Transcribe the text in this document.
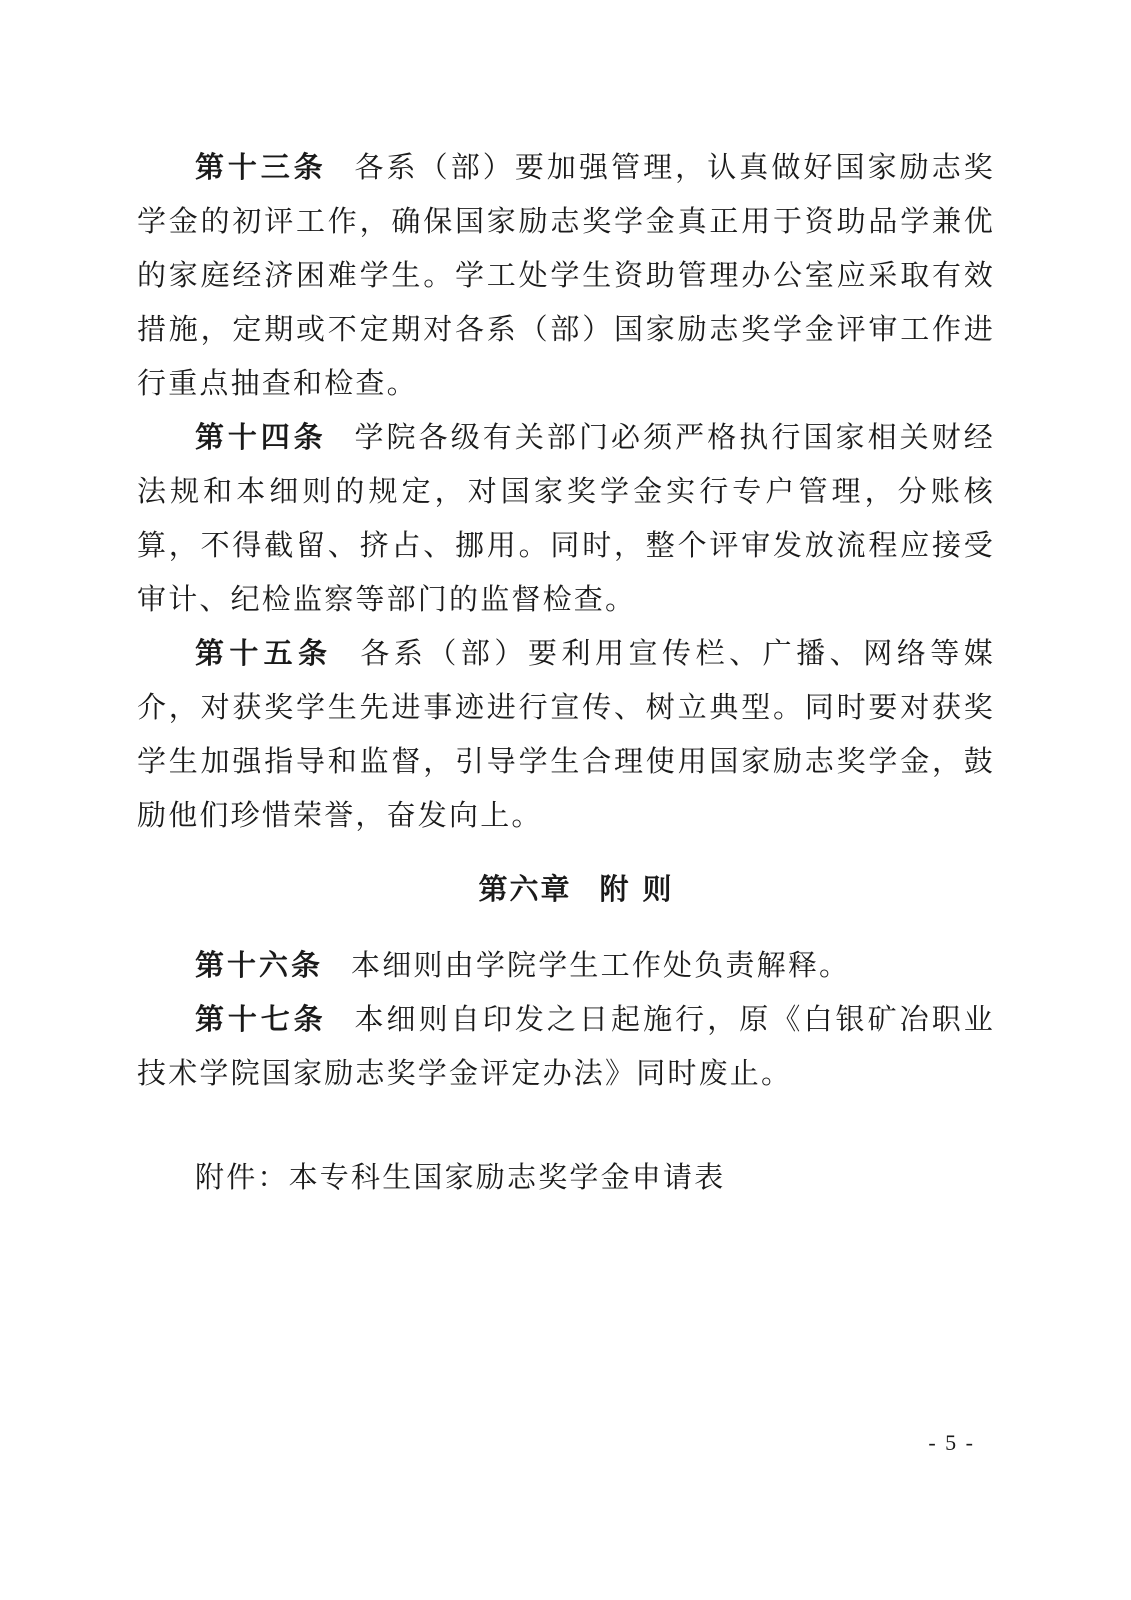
第十三条 各系（部）要加强管理，认真做好国家励志奖学金的初评工作，确保国家励志奖学金真正用于资助品学兼优的家庭经济困难学生。学工处学生资助管理办公室应采取有效措施，定期或不定期对各系（部）国家励志奖学金评审工作进行重点抽查和检查。

第十四条 学院各级有关部门必须严格执行国家相关财经法规和本细则的规定，对国家奖学金实行专户管理，分账核算，不得截留、挤占、挪用。同时，整个评审发放流程应接受审计、纪检监察等部门的监督检查。

第十五条 各系（部）要利用宣传栏、广播、网络等媒介，对获奖学生先进事迹进行宣传、树立典型。同时要对获奖学生加强指导和监督，引导学生合理使用国家励志奖学金，鼓励他们珍惜荣誉，奋发向上。

第六章 附 则

第十六条 本细则由学院学生工作处负责解释。

第十七条 本细则自印发之日起施行，原《白银矿冶职业技术学院国家励志奖学金评定办法》同时废止。

附件：本专科生国家励志奖学金申请表

- 5 -
